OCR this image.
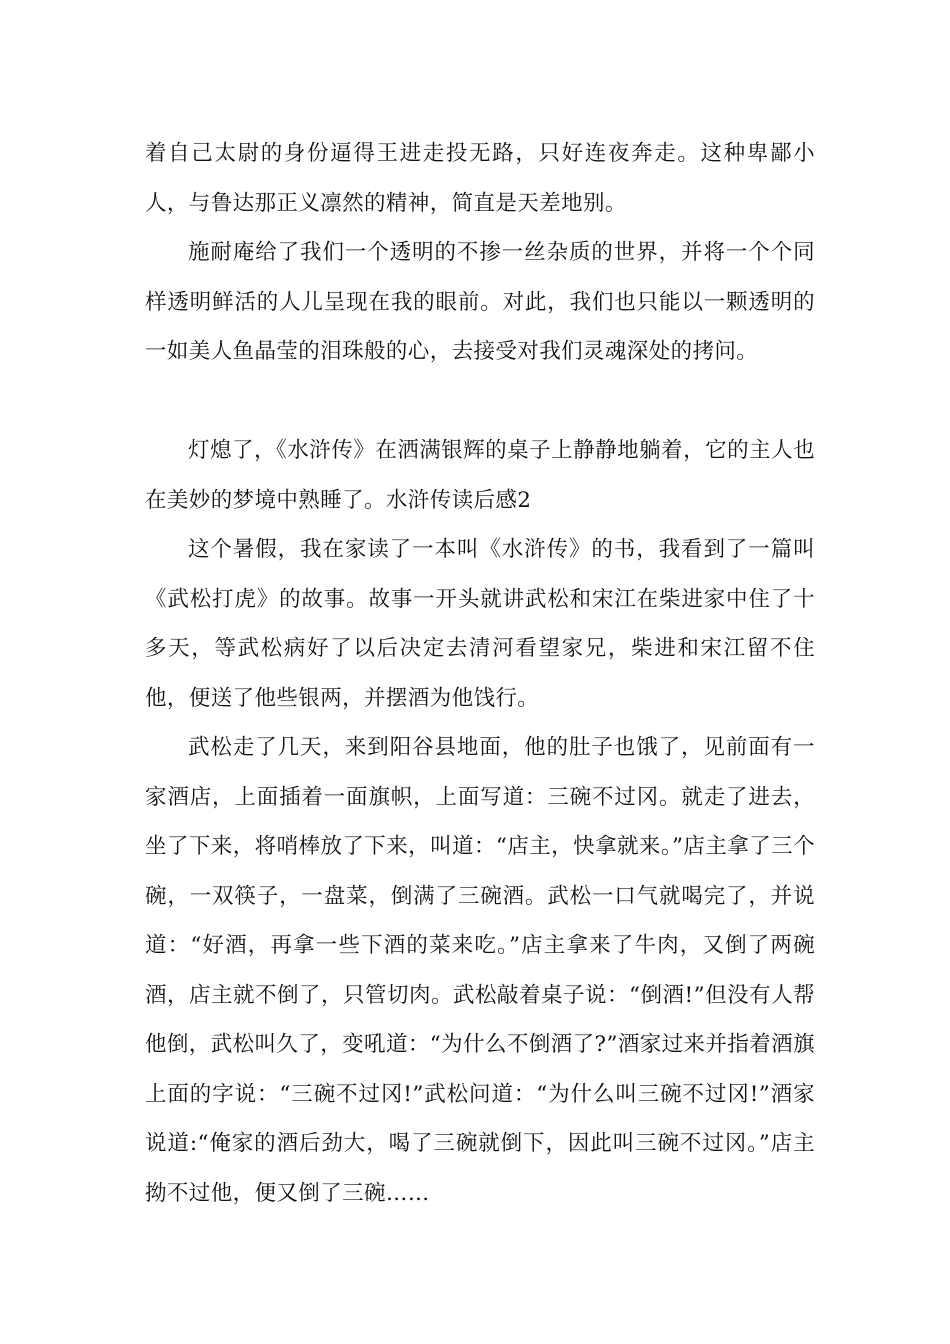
着自己太尉的身份逼得王进走投无路，只好连夜奔走。这种卑鄙小人，与鲁达那正义凛然的精神，简直是天差地别。

施耐庵给了我们一个透明的不掺一丝杂质的世界，并将一个个同样透明鲜活的人儿呈现在我的眼前。对此，我们也只能以一颗透明的一如美人鱼晶莹的泪珠般的心，去接受对我们灵魂深处的拷问。

灯熄了，《水浒传》在洒满银辉的桌子上静静地躺着，它的主人也在美妙的梦境中熟睡了。水浒传读后感2

这个暑假，我在家读了一本叫《水浒传》的书，我看到了一篇叫《武松打虎》的故事。故事一开头就讲武松和宋江在柴进家中住了十多天，等武松病好了以后决定去清河看望家兄，柴进和宋江留不住他，便送了他些银两，并摆酒为他饯行。

武松走了几天，来到阳谷县地面，他的肚子也饿了，见前面有一家酒店，上面插着一面旗帜，上面写道：三碗不过冈。就走了进去，坐了下来，将哨棒放了下来，叫道：“店主，快拿就来。”店主拿了三个碗，一双筷子，一盘菜，倒满了三碗酒。武松一口气就喝完了，并说道：“好酒，再拿一些下酒的菜来吃。”店主拿来了牛肉，又倒了两碗酒，店主就不倒了，只管切肉。武松敲着桌子说：“倒酒!”但没有人帮他倒，武松叫久了，变吼道：“为什么不倒酒了?”酒家过来并指着酒旗上面的字说：“三碗不过冈!”武松问道：“为什么叫三碗不过冈!”酒家说道:“俺家的酒后劲大，喝了三碗就倒下，因此叫三碗不过冈。”店主拗不过他，便又倒了三碗……
